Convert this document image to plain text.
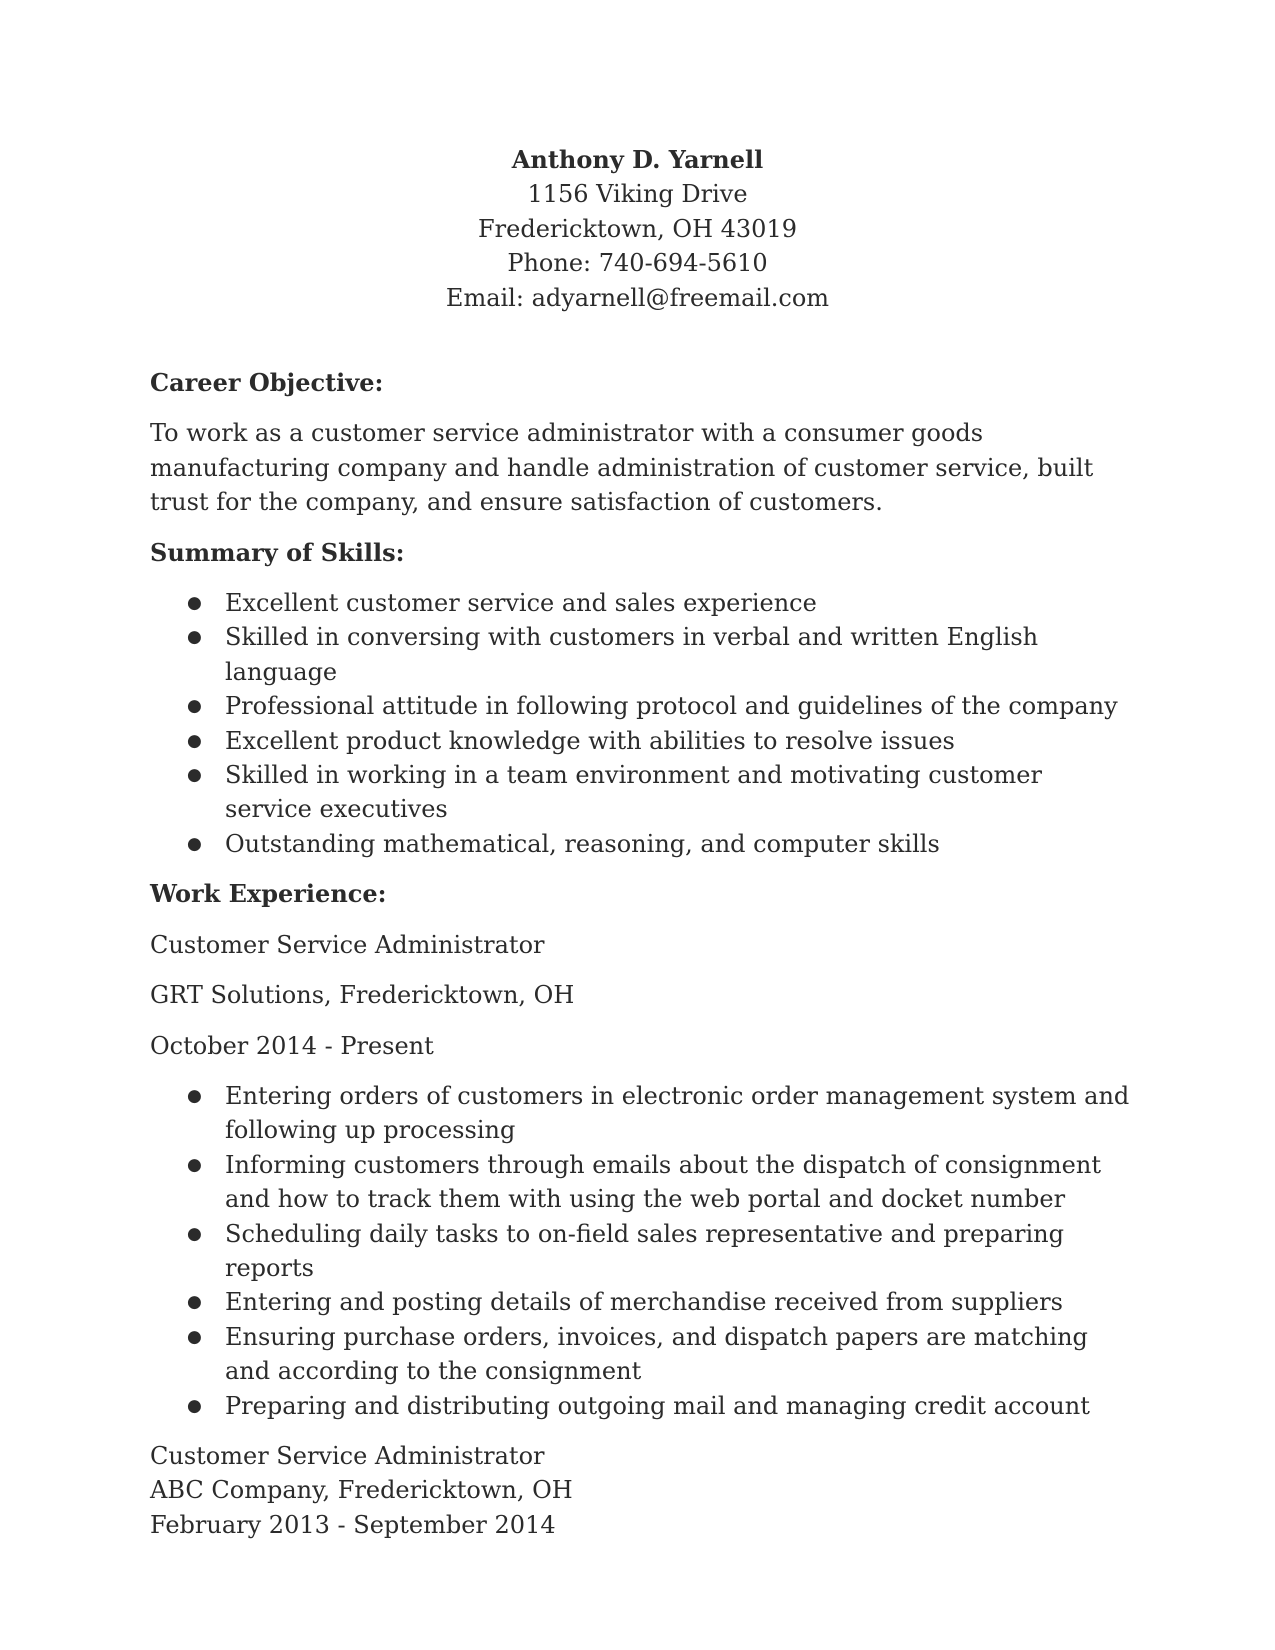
Anthony D. Yarnell
1156 Viking Drive
Fredericktown, OH 43019
Phone: 740-694-5610
Email: adyarnell@freemail.com
Career Objective:
To work as a customer service administrator with a consumer goods manufacturing company and handle administration of customer service, built trust for the company, and ensure satisfaction of customers.
Summary of Skills:
● Excellent customer service and sales experience
● Skilled in conversing with customers in verbal and written English language
● Professional attitude in following protocol and guidelines of the company
● Excellent product knowledge with abilities to resolve issues
● Skilled in working in a team environment and motivating customer service executives
● Outstanding mathematical, reasoning, and computer skills
Work Experience:
Customer Service Administrator
GRT Solutions, Fredericktown, OH
October 2014 - Present
● Entering orders of customers in electronic order management system and following up processing
● Informing customers through emails about the dispatch of consignment and how to track them with using the web portal and docket number
● Scheduling daily tasks to on-field sales representative and preparing reports
● Entering and posting details of merchandise received from suppliers
● Ensuring purchase orders, invoices, and dispatch papers are matching and according to the consignment
● Preparing and distributing outgoing mail and managing credit account
Customer Service Administrator
ABC Company, Fredericktown, OH
February 2013 - September 2014
